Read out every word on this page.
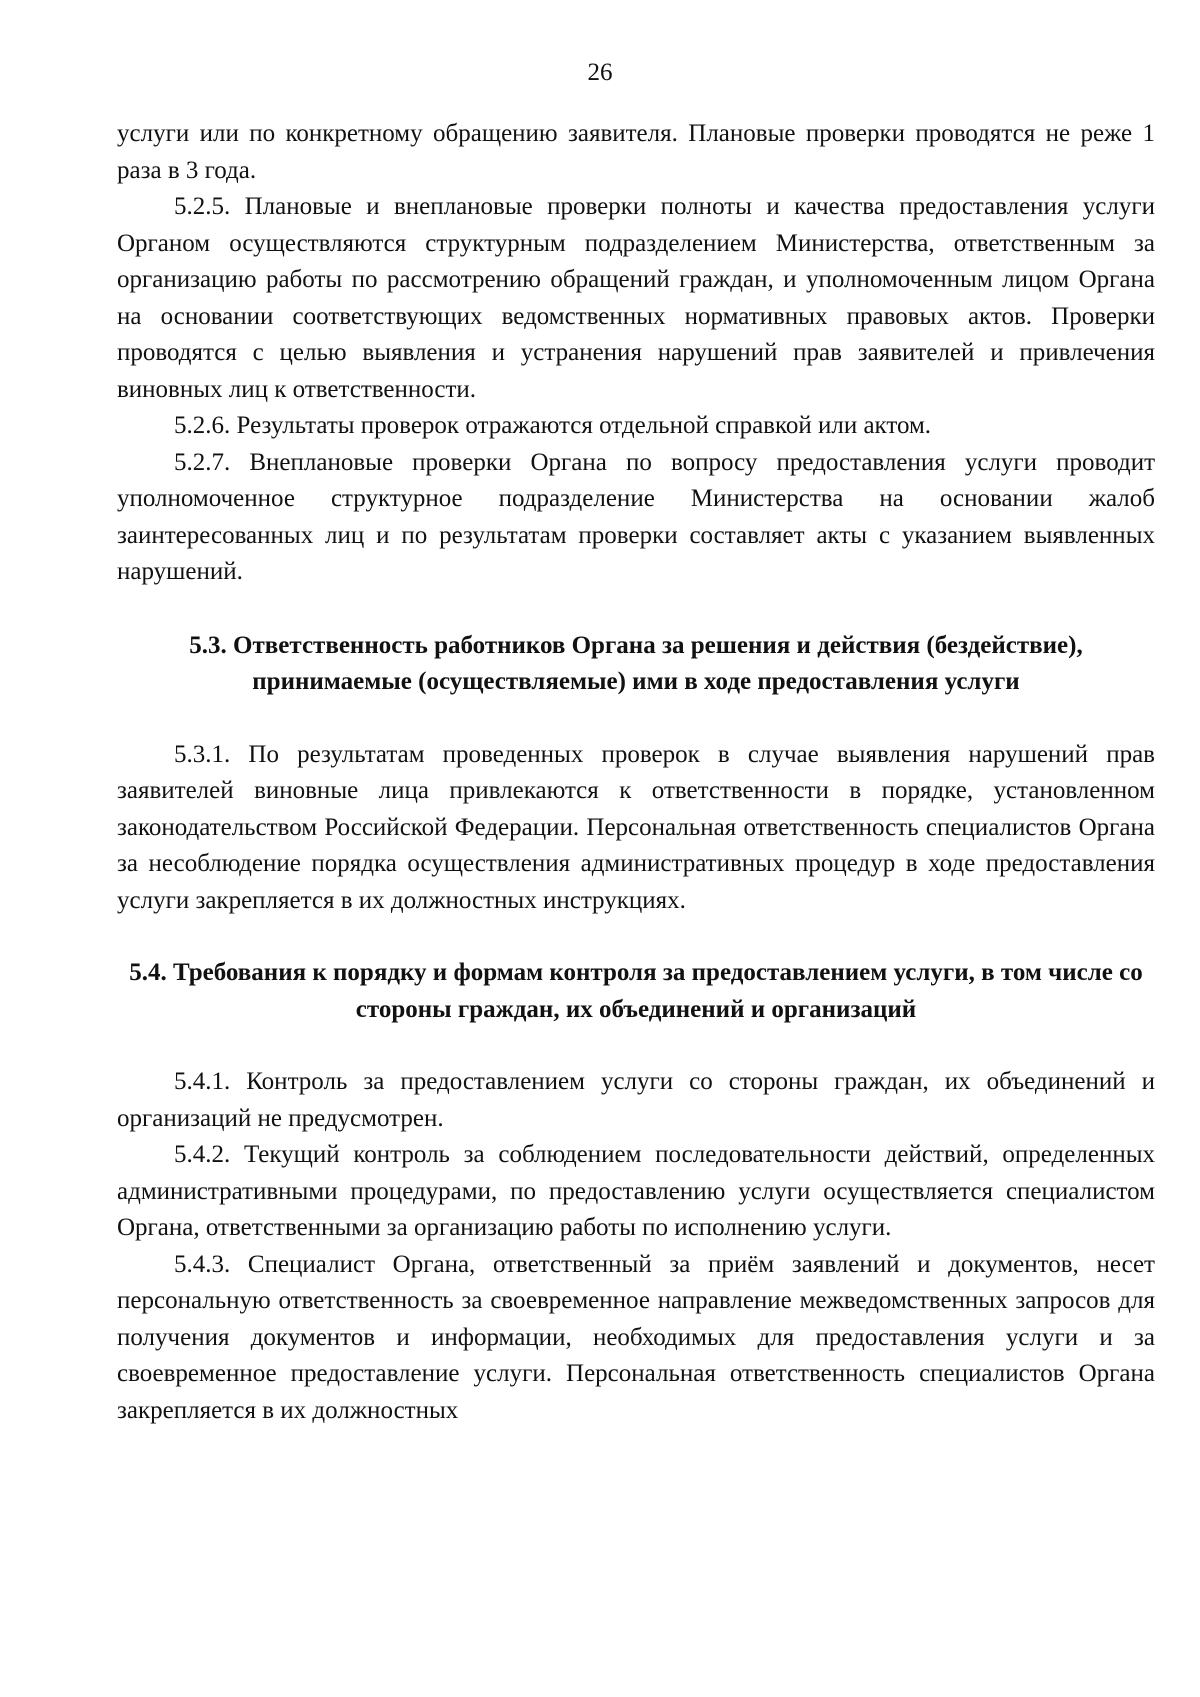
26

услуги или по конкретному обращению заявителя. Плановые проверки проводятся не реже 1 раза в 3 года.

5.2.5. Плановые и внеплановые проверки полноты и качества предоставления услуги Органом осуществляются структурным подразделением Министерства, ответственным за организацию работы по рассмотрению обращений граждан, и уполномоченным лицом Органа на основании соответствующих ведомственных нормативных правовых актов. Проверки проводятся с целью выявления и устранения нарушений прав заявителей и привлечения виновных лиц к ответственности.

5.2.6. Результаты проверок отражаются отдельной справкой или актом.

5.2.7. Внеплановые проверки Органа по вопросу предоставления услуги проводит уполномоченное структурное подразделение Министерства на основании жалоб заинтересованных лиц и по результатам проверки составляет акты с указанием выявленных нарушений.

5.3. Ответственность работников Органа за решения и действия (бездействие), принимаемые (осуществляемые) ими в ходе предоставления услуги

5.3.1. По результатам проведенных проверок в случае выявления нарушений прав заявителей виновные лица привлекаются к ответственности в порядке, установленном законодательством Российской Федерации. Персональная ответственность специалистов Органа за несоблюдение порядка осуществления административных процедур в ходе предоставления услуги закрепляется в их должностных инструкциях.

5.4. Требования к порядку и формам контроля за предоставлением услуги, в том числе со стороны граждан, их объединений и организаций

5.4.1. Контроль за предоставлением услуги со стороны граждан, их объединений и организаций не предусмотрен.

5.4.2. Текущий контроль за соблюдением последовательности действий, определенных административными процедурами, по предоставлению услуги осуществляется специалистом Органа, ответственными за организацию работы по исполнению услуги.

5.4.3. Специалист Органа, ответственный за приём заявлений и документов, несет персональную ответственность за своевременное направление межведомственных запросов для получения документов и информации, необходимых для предоставления услуги и за своевременное предоставление услуги. Персональная ответственность специалистов Органа закрепляется в их должностных
